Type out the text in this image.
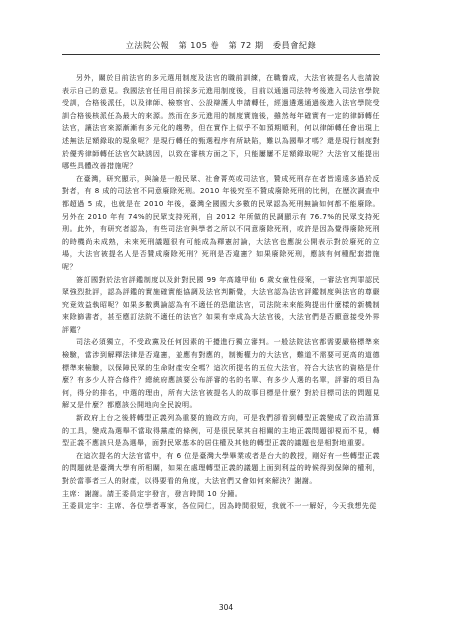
立法院公報 第 105 卷 第 72 期 委員會紀錄

另外，關於目前法官的多元選用制度及法官的職前訓練，在職養成，大法官被提名人也請說表示自己的意見。我國法官任用目前採多元進用制度後，目前以通過司法特考後進入司法官學院受訓，合格後派任，以及律師、檢察官、公設辯護人申請轉任，經過遴選通過後進入法官學院受訓合格後核派任為最大的來源。然而在多元進用的制度實施後，雖然每年確實有一定的律師轉任法官，讓法官來源漸漸有多元化的趨勢，但在實作上似乎不如預期順利，何以律師轉任會出現上述無法足額錄取的現象呢？是現行轉任的甄選程序有所缺陷，難以為國舉才嗎？還是現行制度對於優秀律師轉任法官欠缺誘因，以致在審核方面之下，只能屢屢不足額錄取呢？大法官又能提出哪些具體改善措施呢？

在臺灣，研究顯示，與論是一般民眾、社會菁英或司法官，贊成死刑存在者皆遠遠多過於反對者，有 8 成的司法官不同意廢除死刑。2010 年後究至不贊成廢除死刑的比例，在歷次調查中都超過 5 成，也就是在 2010 年後，臺灣全國國大多數的民眾認為死刑無論如何都不能廢除。另外在 2010 年有 74%的民眾支持死刑，自 2012 年所做的民調顯示有 76.7%的民眾支持死刑。此外，有研究者認為，有些司法官與學者之所以不同意廢除死刑，或許是因為覺得廢除死刑的時機尚未成熟，未來死刑議題很有可能成為釋憲討論，大法官也應說公開表示對於廢死的立場，大法官被提名人是否贊成廢除死刑？死刑是否違憲？如果廢除死刑，應該有何種配套措施呢？

簽訂國對於法官評鑑制度以及針對民國 99 年高雄甲仙 6 歲女童性侵案，一審法官判罪認民眾強烈批評，認為評鑑的實施確實能協調及法官判斷覺，大法官認為法官評鑑制度與法官的尊嚴究竟效益執昭呢？如果多數輿論認為有不適任的恐龍法官，司法院未來能夠提出什麼樣的新機制來除篩書者，甚至應訂法院不適任的法官？如果有幸成為大法官後，大法官們是否願意接受外界評鑑？

司法必須獨立，不受政黨及任何因素的干擾進行獨立審判。一般法院法官都需要嚴格標準來檢驗，當涉到解釋法律是否違憲，並應有對應的，制衡權力的大法官，難道不需要可更高的道德標準來檢驗，以保障民眾的生命財產安全嗎？這次所提名的五位大法官，符合大法官的資格是什麼？有多少人符合條件？總統府應該要公布評審的名的名單、有多少人選的名單，評審的項目為何，得分的排名，中選的理由，所有大法官被提名人的故事目標是什麼？對於目標司法的問題見解又是什麼？都應該公開地向全民說明。

新政府上台之後將轉型正義列為重要的施政方向，可是我們卻看到轉型正義變成了政治清算的工具，變成為選舉不當取得黨產的條例，可是很民眾其自相關的主地正義問題卻視而不見，轉型正義不應該只是為選舉，面對民眾基本的居住權及其他的轉型正義的議題也是相對地重要。

在這次提名的大法官當中，有 6 位是臺灣大學畢業或者是台大的教授，剛好有一些轉型正義的問題就是臺灣大學有所相關，如果在處理轉型正義的議題上面到利益的時候得到保障的權利，對於當事者三人的財產，以得要看的角度，大法官們又會如何來解決？謝謝。

主席：謝謝。請王委員定宇發言，發言時間 10 分鐘。

王委員定宇：主席、各位學者專家，各位同仁，因為時間很短，我就不一一解好，今天我想先從

304
